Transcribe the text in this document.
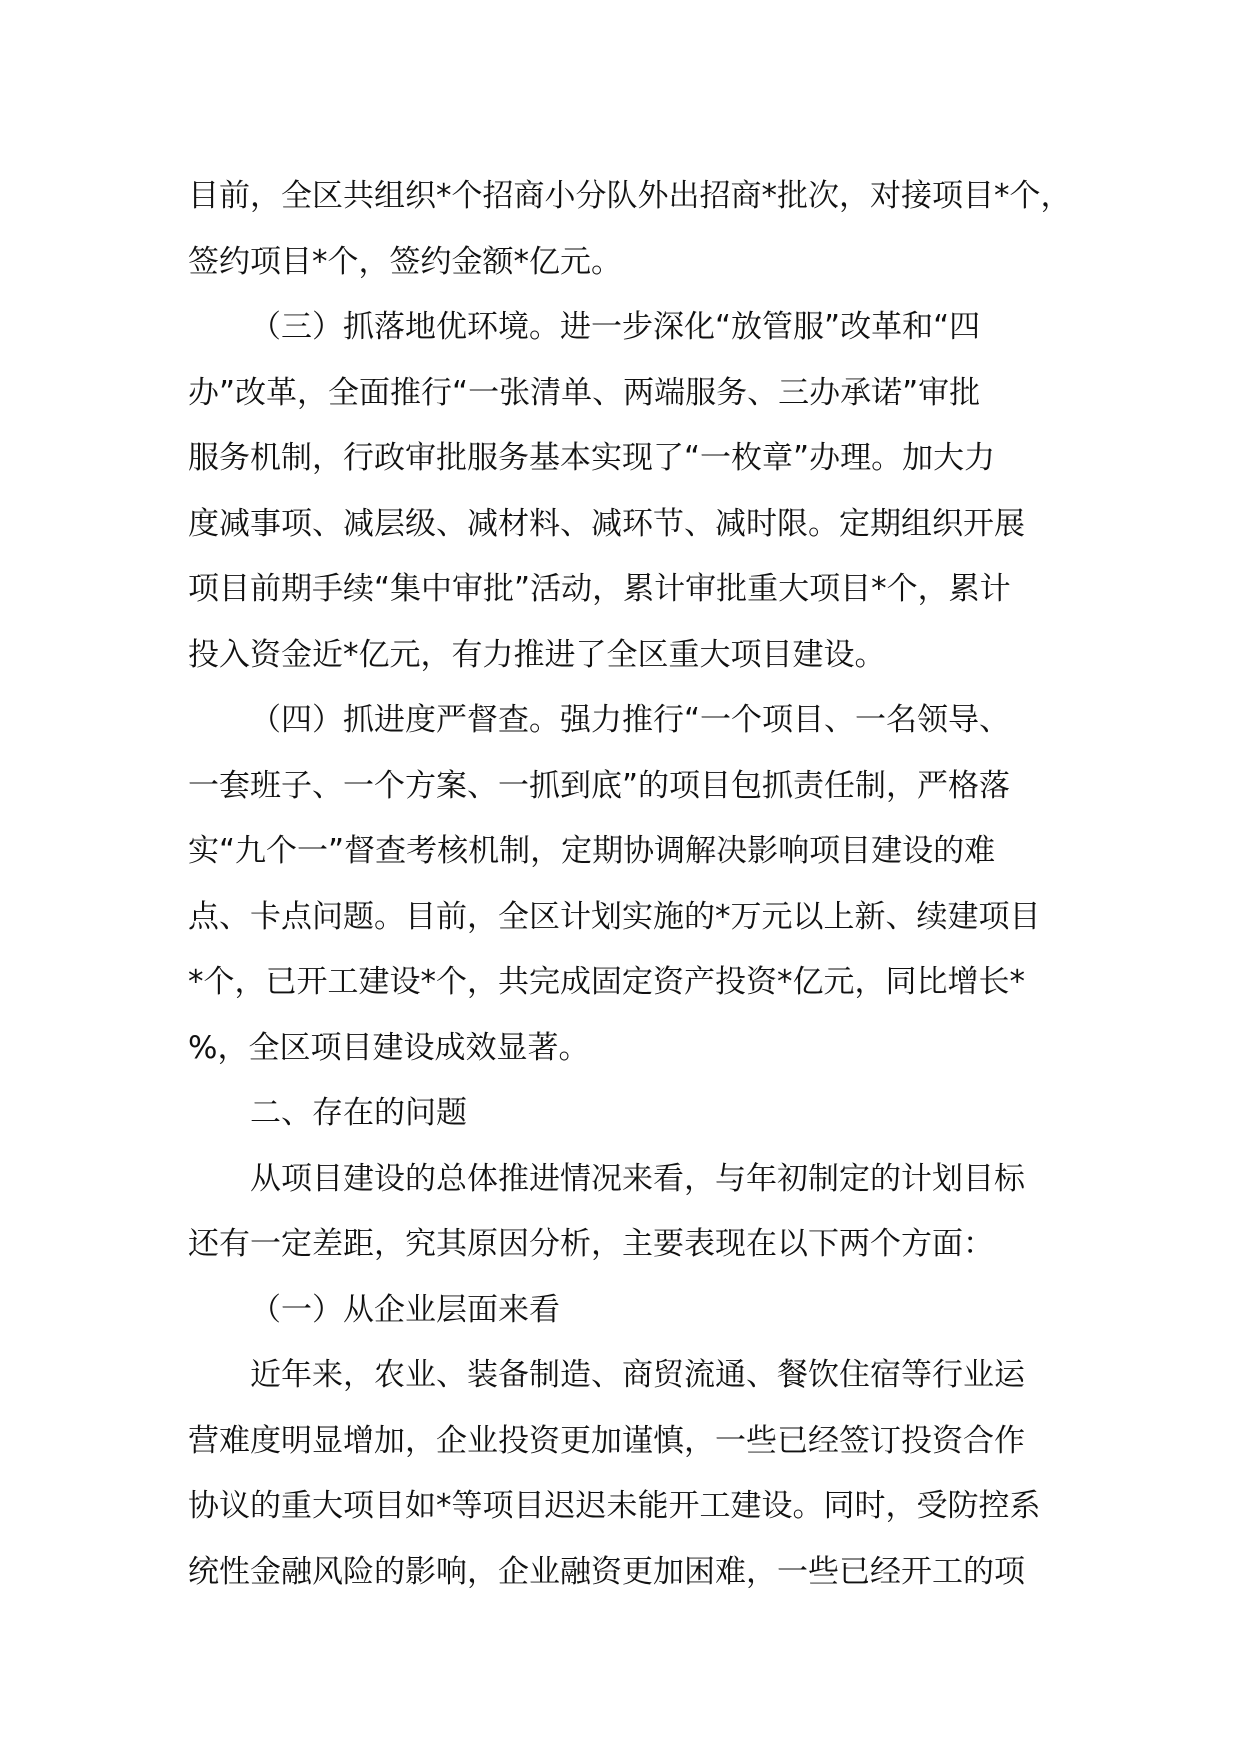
目前，全区共组织*个招商小分队外出招商*批次，对接项目*个，
签约项目*个，签约金额*亿元。
（三）抓落地优环境。进一步深化“放管服”改革和“四
办”改革，全面推行“一张清单、两端服务、三办承诺”审批
服务机制，行政审批服务基本实现了“一枚章”办理。加大力
度减事项、减层级、减材料、减环节、减时限。定期组织开展
项目前期手续“集中审批”活动，累计审批重大项目*个，累计
投入资金近*亿元，有力推进了全区重大项目建设。
（四）抓进度严督查。强力推行“一个项目、一名领导、
一套班子、一个方案、一抓到底”的项目包抓责任制，严格落
实“九个一”督查考核机制，定期协调解决影响项目建设的难
点、卡点问题。目前，全区计划实施的*万元以上新、续建项目
*个，已开工建设*个，共完成固定资产投资*亿元，同比增长*
%，全区项目建设成效显著。
二、存在的问题
从项目建设的总体推进情况来看，与年初制定的计划目标
还有一定差距，究其原因分析，主要表现在以下两个方面：
（一）从企业层面来看
近年来，农业、装备制造、商贸流通、餐饮住宿等行业运
营难度明显增加，企业投资更加谨慎，一些已经签订投资合作
协议的重大项目如*等项目迟迟未能开工建设。同时，受防控系
统性金融风险的影响，企业融资更加困难，一些已经开工的项
